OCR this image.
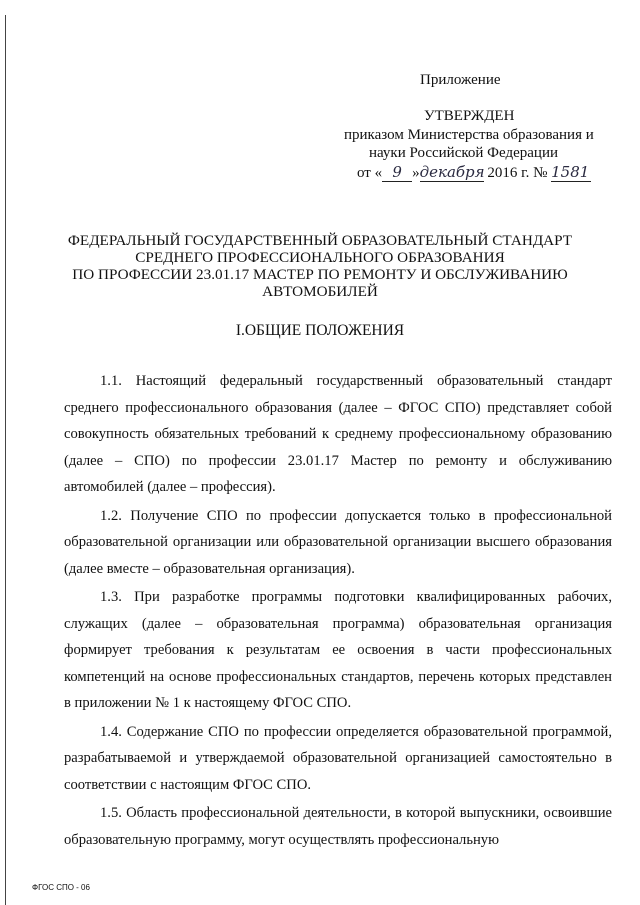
Приложение
УТВЕРЖДЕН
приказом Министерства образования и
науки Российской Федерации
от « 9 »декабря 2016 г. № 1581
ФЕДЕРАЛЬНЫЙ ГОСУДАРСТВЕННЫЙ ОБРАЗОВАТЕЛЬНЫЙ СТАНДАРТ
СРЕДНЕГО ПРОФЕССИОНАЛЬНОГО ОБРАЗОВАНИЯ
ПО ПРОФЕССИИ 23.01.17 МАСТЕР ПО РЕМОНТУ И ОБСЛУЖИВАНИЮ
АВТОМОБИЛЕЙ
I.ОБЩИЕ ПОЛОЖЕНИЯ

1.1. Настоящий федеральный государственный образовательный стандарт среднего профессионального образования (далее – ФГОС СПО) представляет собой совокупность обязательных требований к среднему профессиональному образованию (далее – СПО) по профессии 23.01.17 Мастер по ремонту и обслуживанию автомобилей (далее – профессия).

1.2. Получение СПО по профессии допускается только в профессиональной образовательной организации или образовательной организации высшего образования (далее вместе – образовательная организация).

1.3. При разработке программы подготовки квалифицированных рабочих, служащих (далее – образовательная программа) образовательная организация формирует требования к результатам ее освоения в части профессиональных компетенций на основе профессиональных стандартов, перечень которых представлен в приложении № 1 к настоящему ФГОС СПО.

1.4. Содержание СПО по профессии определяется образовательной программой, разрабатываемой и утверждаемой образовательной организацией самостоятельно в соответствии с настоящим ФГОС СПО.

1.5. Область профессиональной деятельности, в которой выпускники, освоившие образовательную программу, могут осуществлять профессиональную

ФГОС СПО - 06
